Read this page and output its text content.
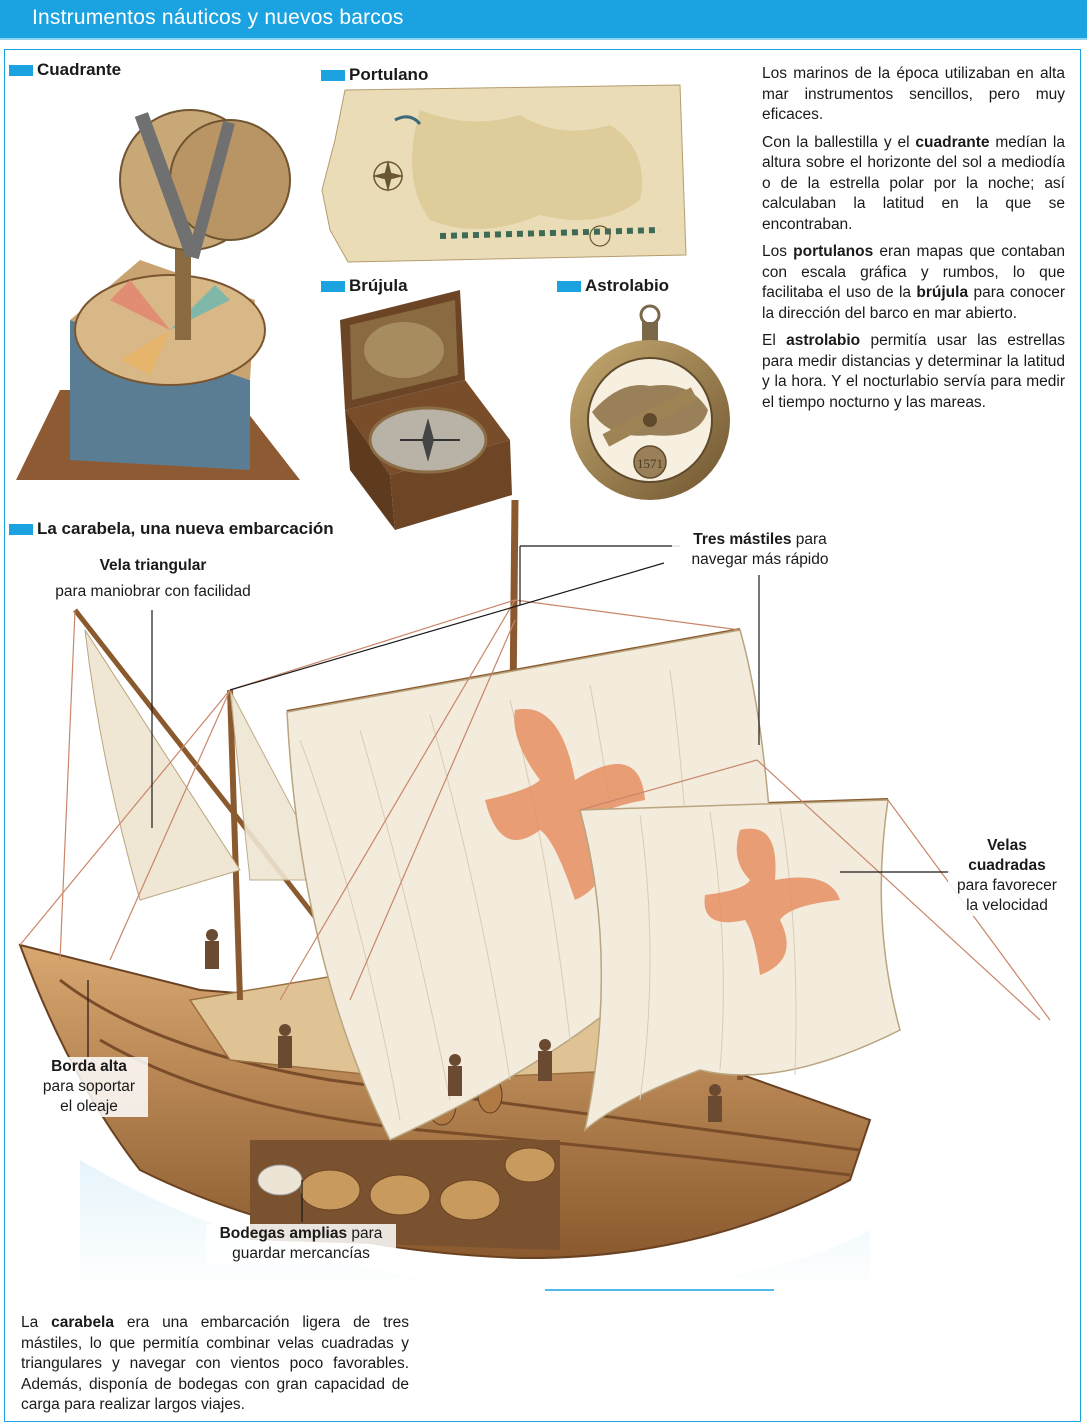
Instrumentos náuticos y nuevos barcos
1571
Cuadrante	Portulano
Brújula	Astrolabio
La carabela, una nueva embarcación

Los marinos de la época utilizaban en alta mar instrumentos sencillos, pero muy eficaces.

Con la ballestilla y el cuadrante medían la altura sobre el horizonte del sol a mediodía o de la estrella polar por la noche; así calculaban la latitud en la que se encontraban.

Los portulanos eran mapas que contaban con escala gráfica y rumbos, lo que facilitaba el uso de la brújula para conocer la dirección del barco en mar abierto.

El astrolabio permitía usar las estrellas para medir distancias y determinar la latitud y la hora. Y el nocturlabio servía para medir el tiempo nocturno y las mareas.

Vela triangular
para maniobrar con facilidad
Tres mástiles para
navegar más rápido
Velas
cuadradas
para favorecer
la velocidad
Borda alta
para soportar
el oleaje
Bodegas amplias para
guardar mercancías
La carabela era una embarcación ligera de tres mástiles, lo que permitía combinar velas cuadradas y triangulares y navegar con vientos poco favorables. Además, disponía de bodegas con gran capacidad de carga para realizar largos viajes.
